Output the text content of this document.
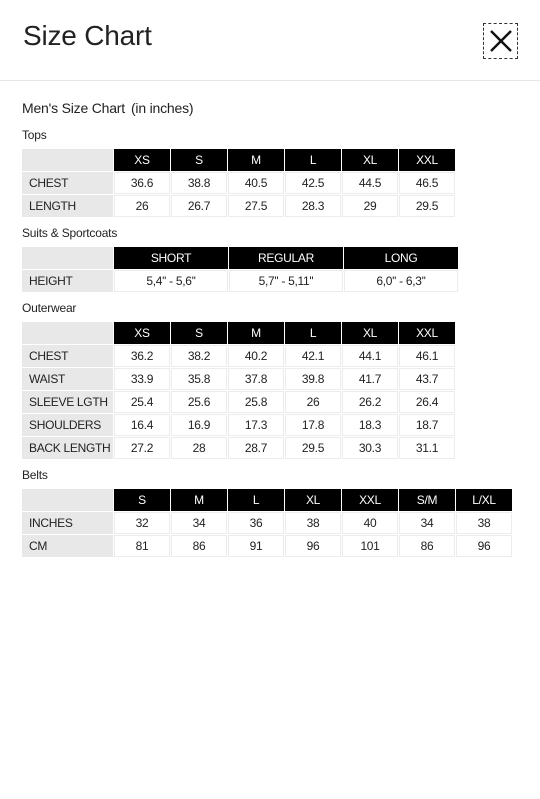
Size Chart
Men's Size Chart (in inches)
Tops
	XS	S	M	L	XL	XXL
CHEST	36.6	38.8	40.5	42.5	44.5	46.5
LENGTH	26	26.7	27.5	28.3	29	29.5
Suits & Sportcoats
	SHORT	REGULAR	LONG
HEIGHT	5,4'' - 5,6''	5,7'' - 5,11''	6,0'' - 6,3''
Outerwear
	XS	S	M	L	XL	XXL
CHEST	36.2	38.2	40.2	42.1	44.1	46.1
WAIST	33.9	35.8	37.8	39.8	41.7	43.7
SLEEVE LGTH	25.4	25.6	25.8	26	26.2	26.4
SHOULDERS	16.4	16.9	17.3	17.8	18.3	18.7
BACK LENGTH	27.2	28	28.7	29.5	30.3	31.1
Belts
	S	M	L	XL	XXL	S/M	L/XL
INCHES	32	34	36	38	40	34	38
CM	81	86	91	96	101	86	96
